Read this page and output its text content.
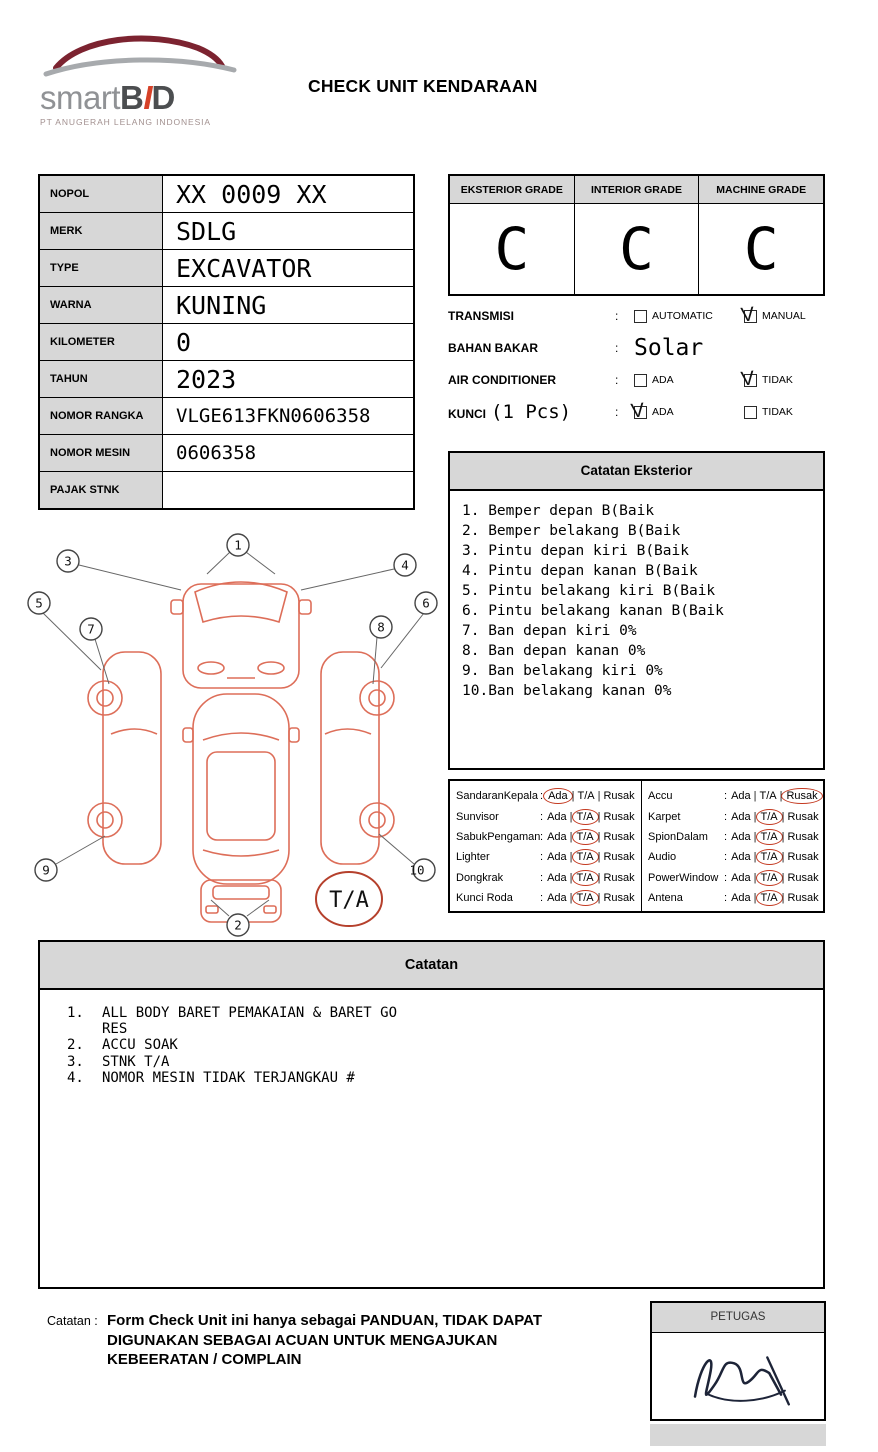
smartBID
PT ANUGERAH LELANG INDONESIA
CHECK UNIT KENDARAAN
NOPOL	XX 0009 XX
MERK	SDLG
TYPE	EXCAVATOR
WARNA	KUNING
KILOMETER	0
TAHUN	2023
NOMOR RANGKA	VLGE613FKN0606358
NOMOR MESIN	0606358
PAJAK STNK
EKSTERIOR GRADE
C
INTERIOR GRADE
C
MACHINE GRADE
C
TRANSMISI	:	AUTOMATIC V MANUAL
BAHAN BAKAR	: Solar
AIR CONDITIONER	:	ADA	V TIDAK
KUNCI (1 Pcs)	: V ADA	TIDAK
Catatan Eksterior
1. Bemper depan B(Baik
2. Bemper belakang B(Baik
3. Pintu depan kiri B(Baik
4. Pintu depan kanan B(Baik
5. Pintu belakang kiri B(Baik
6. Pintu belakang kanan B(Baik
7. Ban depan kiri 0%
8. Ban depan kanan 0%
9. Ban belakang kiri 0%
10.Ban belakang kanan 0%
1
2
3	4
5	6
7	8
9	10
T/A
SandaranKepala : Ada | T/A | Rusak
Sunvisor	: Ada | T/A | Rusak
SabukPengaman : Ada | T/A | Rusak
Lighter	: Ada | T/A | Rusak
Dongkrak	: Ada | T/A | Rusak
Kunci Roda	: Ada | T/A | Rusak
Accu	: Ada | T/A | Rusak
Karpet	: Ada | T/A | Rusak
SpionDalam	: Ada | T/A | Rusak
Audio	: Ada | T/A | Rusak
PowerWindow : Ada | T/A | Rusak
Antena	: Ada | T/A | Rusak
Catatan
1.	ALL BODY BARET PEMAKAIAN & BARET GO RES
2.	ACCU SOAK
3.	STNK T/A
4.	NOMOR MESIN TIDAK TERJANGKAU #
Catatan : Form Check Unit ini hanya sebagai PANDUAN, TIDAK DAPAT
DIGUNAKAN SEBAGAI ACUAN UNTUK MENGAJUKAN
KEBEERATAN / COMPLAIN
PETUGAS
